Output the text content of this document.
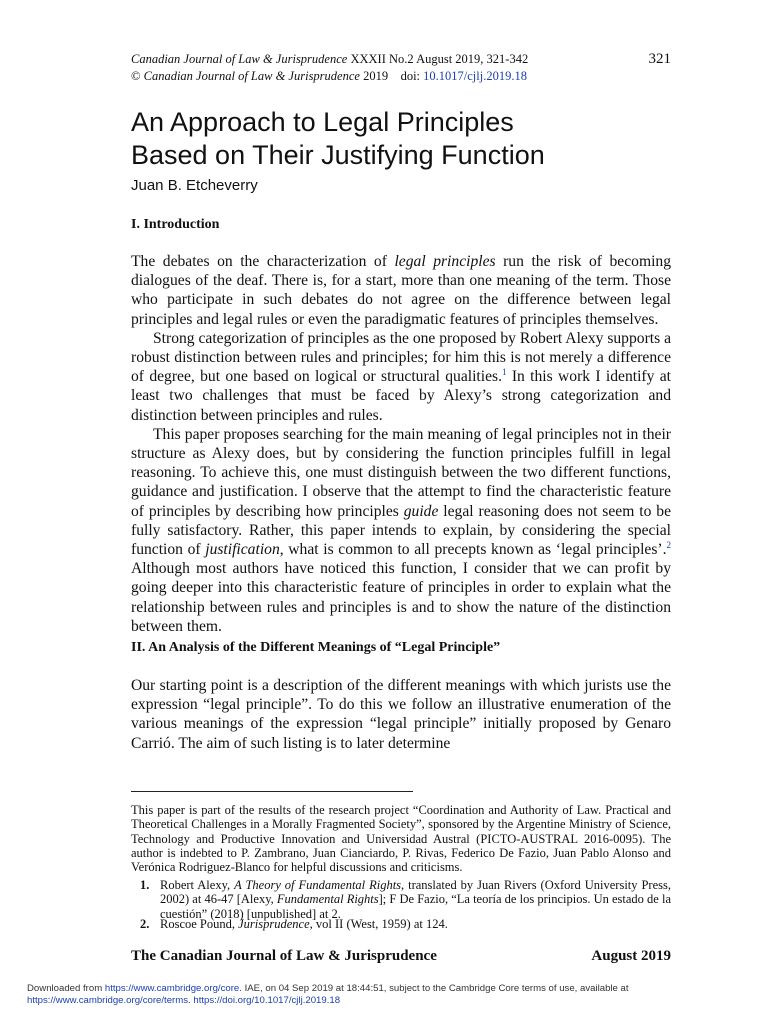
Canadian Journal of Law & Jurisprudence XXXII No.2 August 2019, 321-342
© Canadian Journal of Law & Jurisprudence 2019 doi: 10.1017/cjlj.2019.18
321
An Approach to Legal Principles
Based on Their Justifying Function
Juan B. Etcheverry
I. Introduction

The debates on the characterization of legal principles run the risk of becoming dialogues of the deaf. There is, for a start, more than one meaning of the term. Those who participate in such debates do not agree on the difference between legal principles and legal rules or even the paradigmatic features of principles themselves.

Strong categorization of principles as the one proposed by Robert Alexy supports a robust distinction between rules and principles; for him this is not merely a difference of degree, but one based on logical or structural qualities.$^1$ In this work I identify at least two challenges that must be faced by Alexy’s strong categorization and distinction between principles and rules.

This paper proposes searching for the main meaning of legal principles not in their structure as Alexy does, but by considering the function principles fulfill in legal reasoning. To achieve this, one must distinguish between the two different functions, guidance and justification. I observe that the attempt to find the characteristic feature of principles by describing how principles guide legal reasoning does not seem to be fully satisfactory. Rather, this paper intends to explain, by considering the special function of justification, what is common to all precepts known as ‘legal principles’.$^2$ Although most authors have noticed this function, I consider that we can profit by going deeper into this characteristic feature of principles in order to explain what the relationship between rules and principles is and to show the nature of the distinction between them.

II. An Analysis of the Different Meanings of “Legal Principle”

Our starting point is a description of the different meanings with which jurists use the expression “legal principle”. To do this we follow an illustrative enumeration of the various meanings of the expression “legal principle” initially proposed by Genaro Carrió. The aim of such listing is to later determine

This paper is part of the results of the research project “Coordination and Authority of Law. Practical and Theoretical Challenges in a Morally Fragmented Society”, sponsored by the Argentine Ministry of Science, Technology and Productive Innovation and Universidad Austral (PICTO-AUSTRAL 2016-0095). The author is indebted to P. Zambrano, Juan Cianciardo, P. Rivas, Federico De Fazio, Juan Pablo Alonso and Verónica Rodriguez-Blanco for helpful discussions and criticisms.
1. Robert Alexy, A Theory of Fundamental Rights, translated by Juan Rivers (Oxford University Press, 2002) at 46-47 [Alexy, Fundamental Rights]; F De Fazio, “La teoría de los principios. Un estado de la cuestión” (2018) [unpublished] at 2.
2. Roscoe Pound, Jurisprudence, vol II (West, 1959) at 124.
The Canadian Journal of Law & Jurisprudence	August 2019
Downloaded from https://www.cambridge.org/core. IAE, on 04 Sep 2019 at 18:44:51, subject to the Cambridge Core terms of use, available at
https://www.cambridge.org/core/terms. https://doi.org/10.1017/cjlj.2019.18
